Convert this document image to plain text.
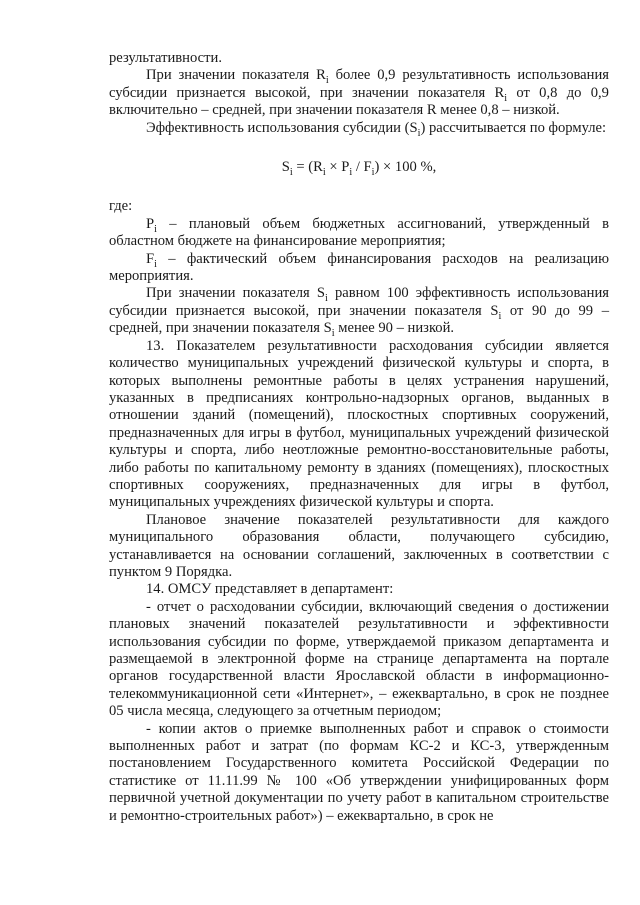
результативности.

При значении показателя $R_i$ более 0,9 результативность использования субсидии признается высокой, при значении показателя $R_i$ от 0,8 до 0,9 включительно – средней, при значении показателя R менее 0,8 – низкой.

Эффективность использования субсидии $(S_i)$ рассчитывается по формуле:

$S_i = (R_i \times P_i / F_i) \times 100$ %,

где:

$P_i$ – плановый объем бюджетных ассигнований, утвержденный в областном бюджете на финансирование мероприятия;

$F_i$ – фактический объем финансирования расходов на реализацию мероприятия.

При значении показателя $S_i$ равном 100 эффективность использования субсидии признается высокой, при значении показателя $S_i$ от 90 до 99 – средней, при значении показателя $S_i$ менее 90 – низкой.

13. Показателем результативности расходования субсидии является количество муниципальных учреждений физической культуры и спорта, в которых выполнены ремонтные работы в целях устранения нарушений, указанных в предписаниях контрольно-надзорных органов, выданных в отношении зданий (помещений), плоскостных спортивных сооружений, предназначенных для игры в футбол, муниципальных учреждений физической культуры и спорта, либо неотложные ремонтно-восстановительные работы, либо работы по капитальному ремонту в зданиях (помещениях), плоскостных спортивных сооружениях, предназначенных для игры в футбол, муниципальных учреждениях физической культуры и спорта.

Плановое значение показателей результативности для каждого муниципального образования области, получающего субсидию, устанавливается на основании соглашений, заключенных в соответствии с пунктом 9 Порядка.

14. ОМСУ представляет в департамент:

- отчет о расходовании субсидии, включающий сведения о достижении плановых значений показателей результативности и эффективности использования субсидии по форме, утверждаемой приказом департамента и размещаемой в электронной форме на странице департамента на портале органов государственной власти Ярославской области в информационно-телекоммуникационной сети «Интернет», – ежеквартально, в срок не позднее 05 числа месяца, следующего за отчетным периодом;

- копии актов о приемке выполненных работ и справок о стоимости выполненных работ и затрат (по формам КС-2 и КС-3, утвержденным постановлением Государственного комитета Российской Федерации по статистике от 11.11.99 № 100 «Об утверждении унифицированных форм первичной учетной документации по учету работ в капитальном строительстве и ремонтно-строительных работ») – ежеквартально, в срок не
